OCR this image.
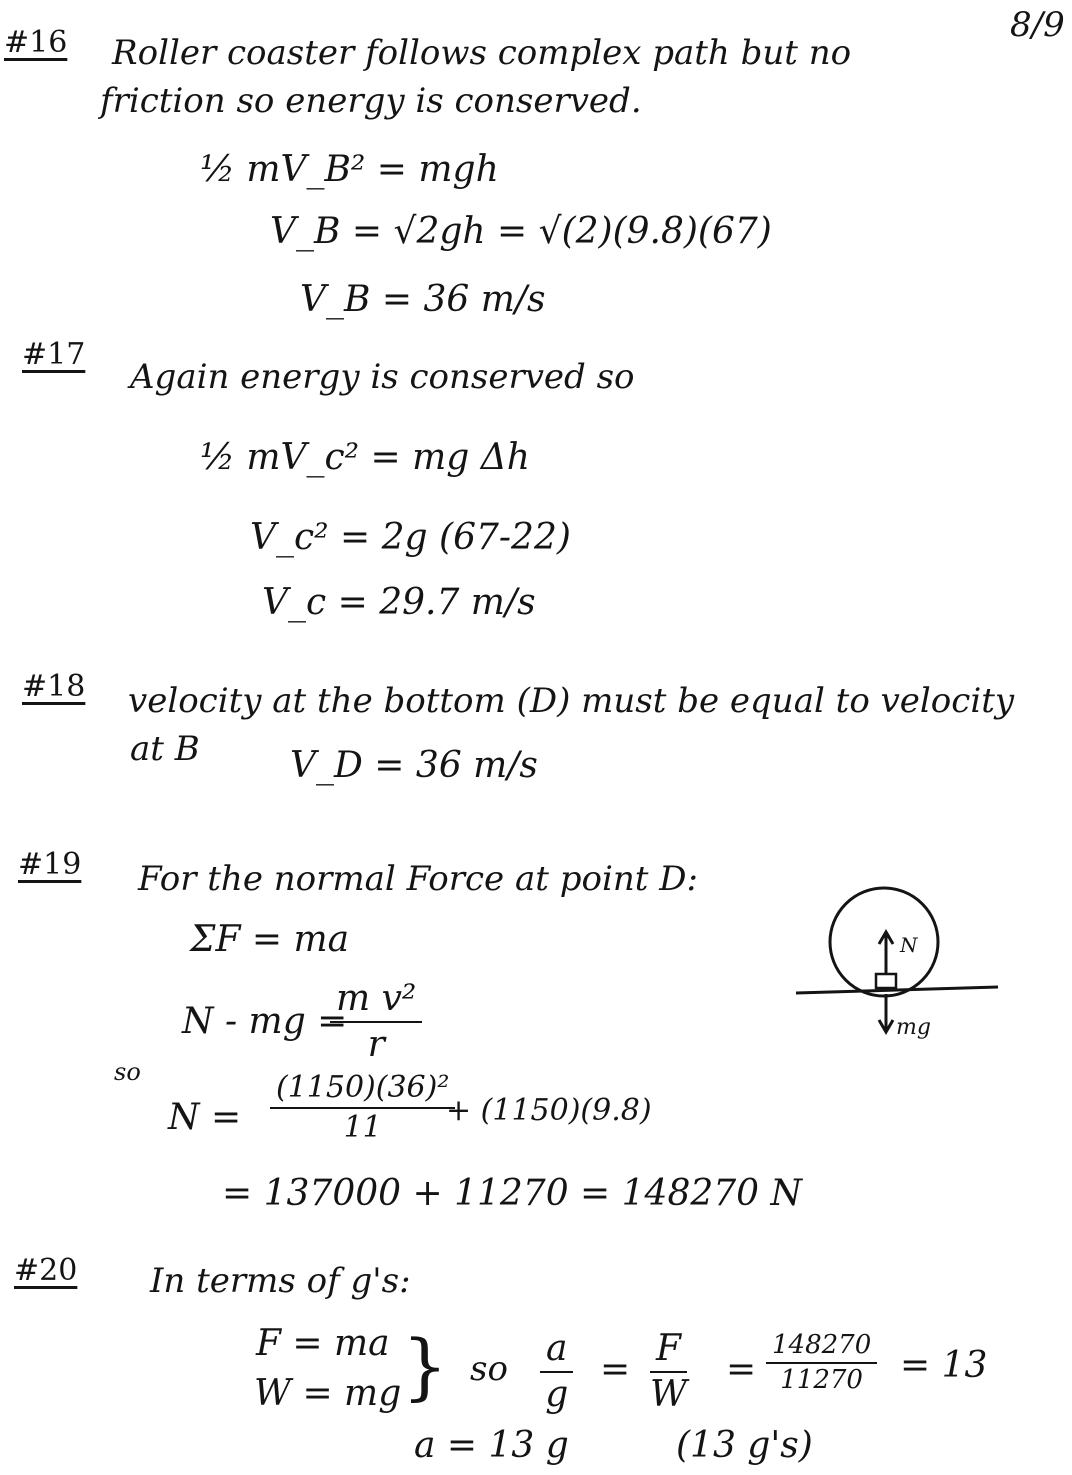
8/9
#16 Roller coaster follows complex path but no
friction so energy is conserved.
½ mV_B² = mgh
V_B = √2gh = √(2)(9.8)(67)
V_B = 36 m/s
#17
Again energy is conserved so
½ mV_c² = mg Δh
V_c² = 2g (67-22)
V_c = 29.7 m/s
#18 velocity at the bottom (D) must be equal to velocity
at B	V_D = 36 m/s
#19 For the normal Force at point D:
ΣF = ma
N - mg =
$\frac{\text{m v²}}{r}$
so
$N = \frac{\text{(1150)(36)²}}{11}$
+ (1150)(9.8)
= 137000 + 11270 = 148270 N
N
mg
#20 In terms of g's:
F = ma
W = mg } so $\frac{a}{g} = \frac{F}{W} = \frac{148270}{11270} = 13$
a = 13 g	(13 g's)
